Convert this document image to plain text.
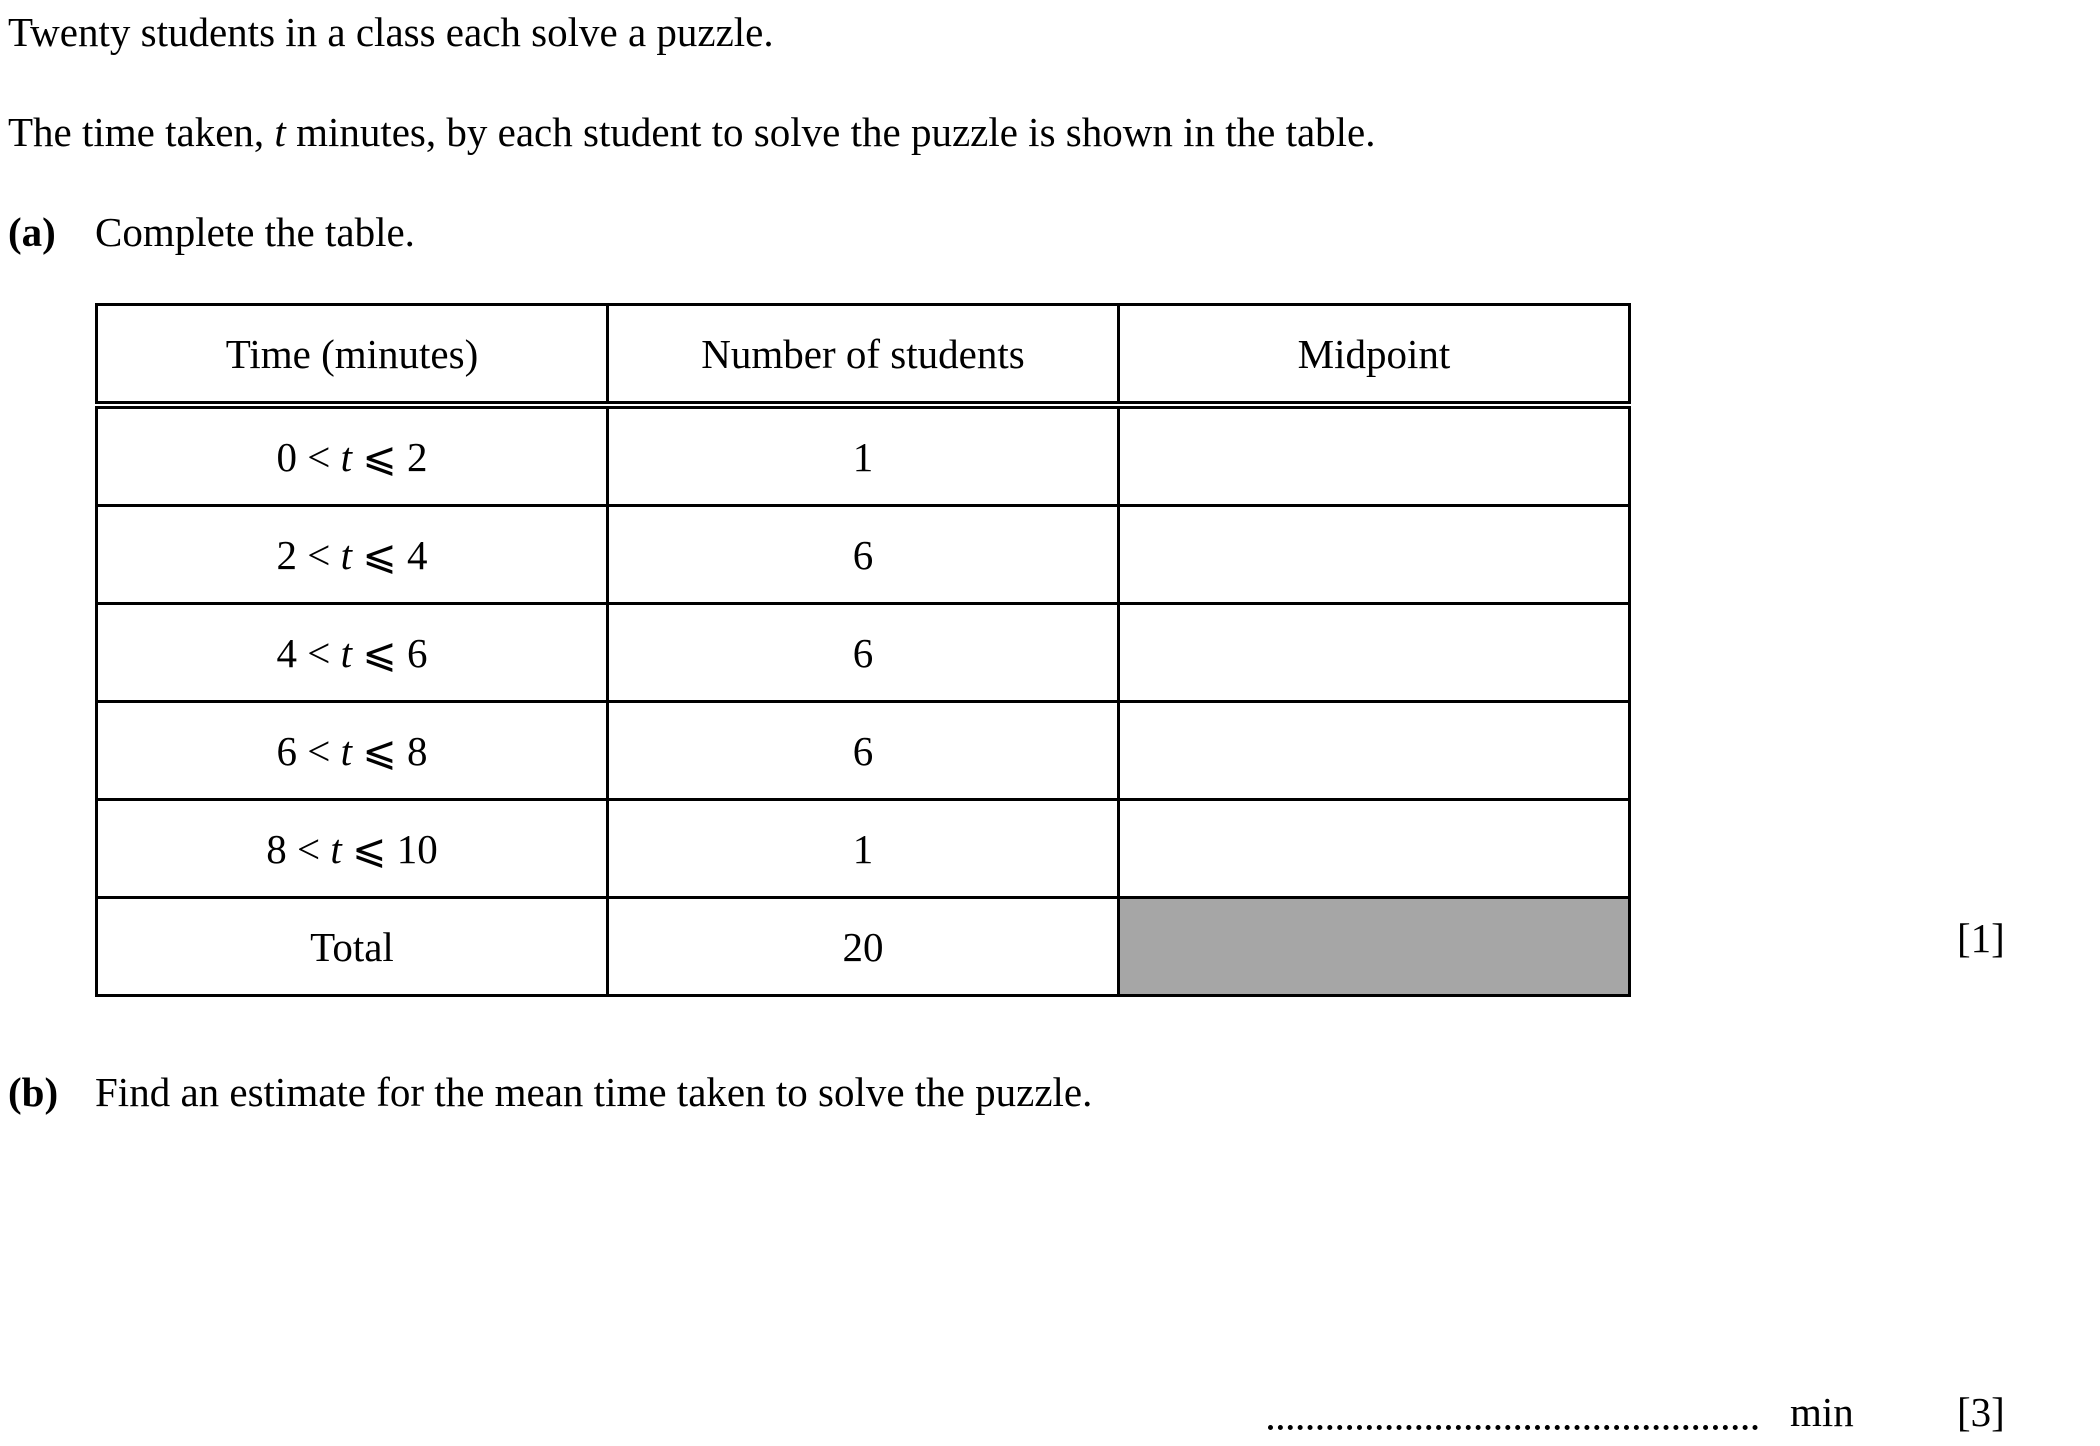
Twenty students in a class each solve a puzzle.
The time taken, t minutes, by each student to solve the puzzle is shown in the table.
(a) Complete the table.
Time (minutes)	Number of students	Midpoint
0 < t ⩽ 2	1	
2 < t ⩽ 4	6	
4 < t ⩽ 6	6	
6 < t ⩽ 8	6	
8 < t ⩽ 10	1	
Total	20		[1]
(b) Find an estimate for the mean time taken to solve the puzzle.
min	[3]
